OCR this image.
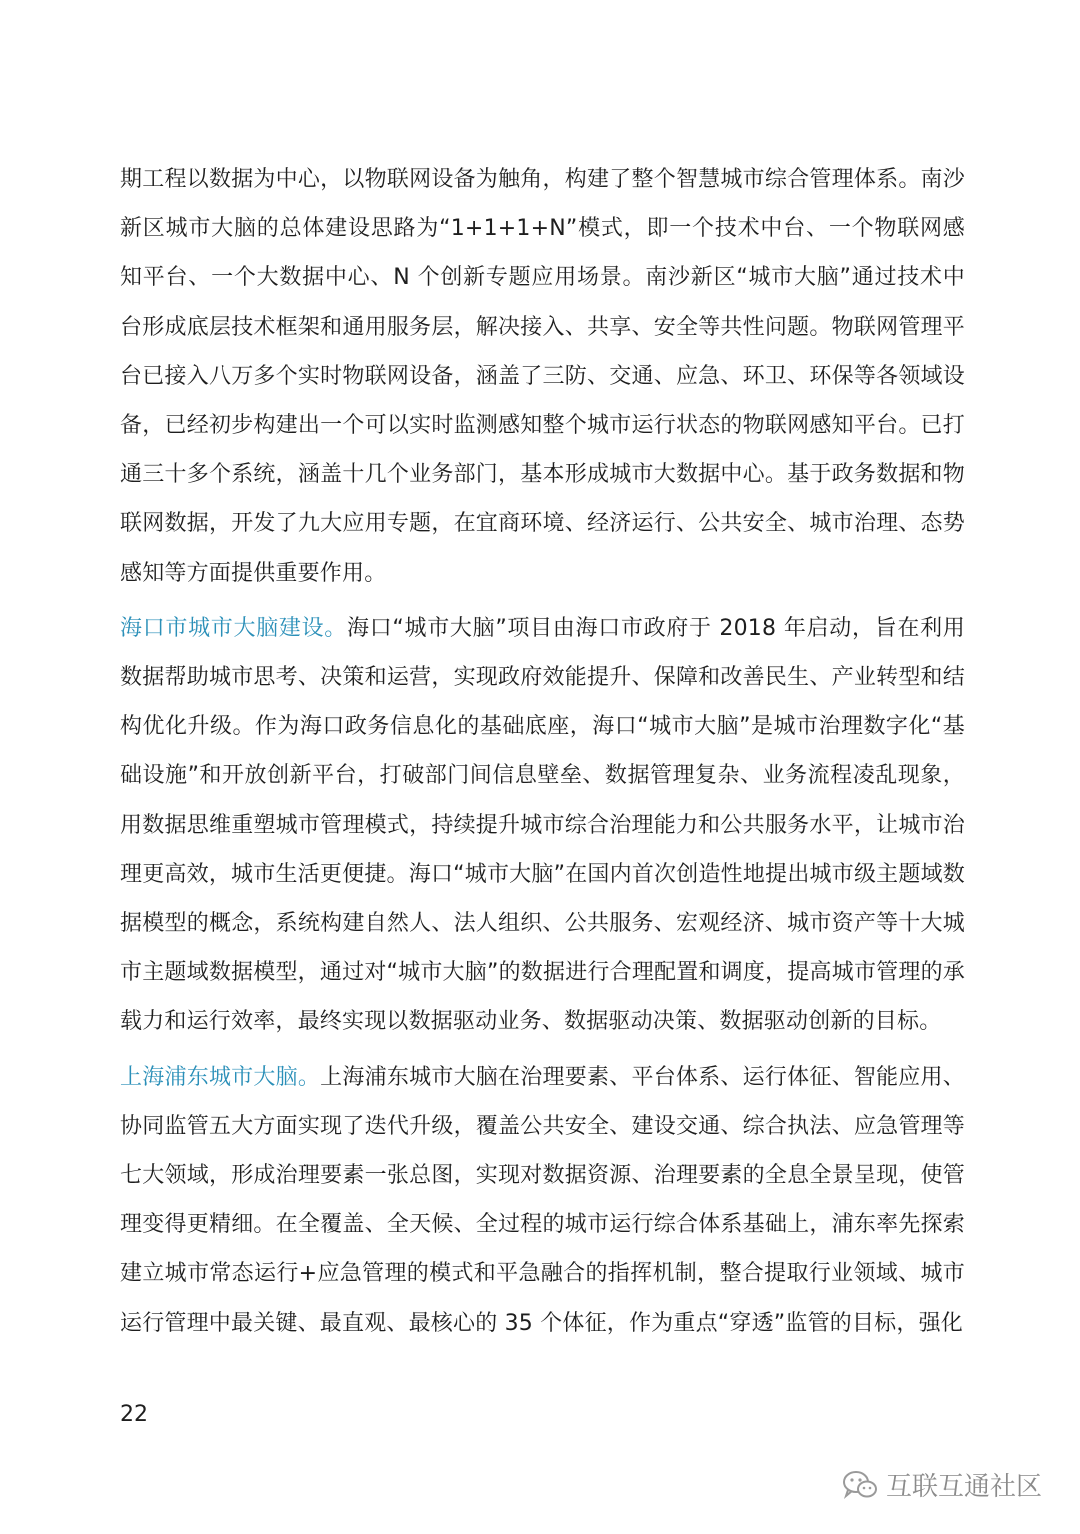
期工程以数据为中心，以物联网设备为触角，构建了整个智慧城市综合管理体系。南沙新区城市大脑的总体建设思路为“1+1+1+N”模式，即一个技术中台、一个物联网感知平台、一个大数据中心、N 个创新专题应用场景。南沙新区“城市大脑”通过技术中台形成底层技术框架和通用服务层，解决接入、共享、安全等共性问题。物联网管理平台已接入八万多个实时物联网设备，涵盖了三防、交通、应急、环卫、环保等各领域设备，已经初步构建出一个可以实时监测感知整个城市运行状态的物联网感知平台。已打通三十多个系统，涵盖十几个业务部门，基本形成城市大数据中心。基于政务数据和物联网数据，开发了九大应用专题，在宜商环境、经济运行、公共安全、城市治理、态势感知等方面提供重要作用。

海口市城市大脑建设。海口“城市大脑”项目由海口市政府于 2018 年启动，旨在利用数据帮助城市思考、决策和运营，实现政府效能提升、保障和改善民生、产业转型和结构优化升级。作为海口政务信息化的基础底座，海口“城市大脑”是城市治理数字化“基础设施”和开放创新平台，打破部门间信息壁垒、数据管理复杂、业务流程凌乱现象，用数据思维重塑城市管理模式，持续提升城市综合治理能力和公共服务水平，让城市治理更高效，城市生活更便捷。海口“城市大脑”在国内首次创造性地提出城市级主题域数据模型的概念，系统构建自然人、法人组织、公共服务、宏观经济、城市资产等十大城市主题域数据模型，通过对“城市大脑”的数据进行合理配置和调度，提高城市管理的承载力和运行效率，最终实现以数据驱动业务、数据驱动决策、数据驱动创新的目标。

上海浦东城市大脑。上海浦东城市大脑在治理要素、平台体系、运行体征、智能应用、协同监管五大方面实现了迭代升级，覆盖公共安全、建设交通、综合执法、应急管理等七大领域，形成治理要素一张总图，实现对数据资源、治理要素的全息全景呈现，使管理变得更精细。在全覆盖、全天候、全过程的城市运行综合体系基础上，浦东率先探索建立城市常态运行+应急管理的模式和平急融合的指挥机制，整合提取行业领域、城市运行管理中最关键、最直观、最核心的 35 个体征，作为重点“穿透”监管的目标，强化

22
互联互通社区
